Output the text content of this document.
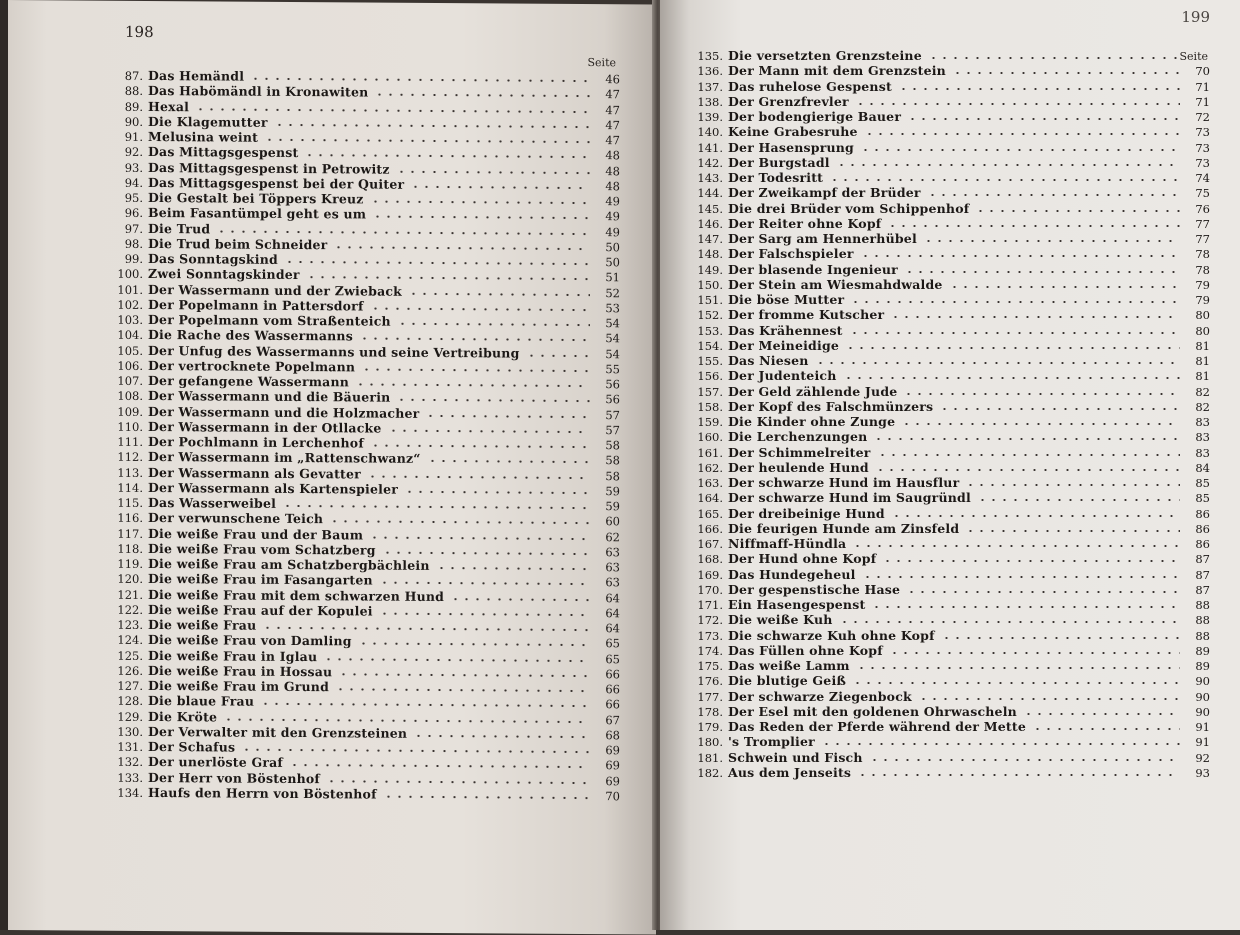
198
Seite
87. Das Hemändl	46
88. Das Habömändl in Kronawiten	47
89. Hexal	47
90. Die Klagemutter	47
91. Melusina weint	47
92. Das Mittagsgespenst	48
93. Das Mittagsgespenst in Petrowitz	48
94. Das Mittagsgespenst bei der Quiter	48
95. Die Gestalt bei Töppers Kreuz	49
96. Beim Fasantümpel geht es um	49
97. Die Trud	49
98. Die Trud beim Schneider	50
99. Das Sonntagskind	50
100. Zwei Sonntagskinder	51
101. Der Wassermann und der Zwieback	52
102. Der Popelmann in Pattersdorf	53
103. Der Popelmann vom Straßenteich	54
104. Die Rache des Wassermanns	54
105. Der Unfug des Wassermanns und seine Vertreibung	54
106. Der vertrocknete Popelmann	55
107. Der gefangene Wassermann	56
108. Der Wassermann und die Bäuerin	56
109. Der Wassermann und die Holzmacher	57
110. Der Wassermann in der Otllacke	57
111. Der Pochlmann in Lerchenhof	58
112. Der Wassermann im „Rattenschwanz“	58
113. Der Wassermann als Gevatter	58
114. Der Wassermann als Kartenspieler	59
115. Das Wasserweibel	59
116. Der verwunschene Teich	60
117. Die weiße Frau und der Baum	62
118. Die weiße Frau vom Schatzberg	63
119. Die weiße Frau am Schatzbergbächlein	63
120. Die weiße Frau im Fasangarten	63
121. Die weiße Frau mit dem schwarzen Hund	64
122. Die weiße Frau auf der Kopulei	64
123. Die weiße Frau	64
124. Die weiße Frau von Damling	65
125. Die weiße Frau in Iglau	65
126. Die weiße Frau in Hossau	66
127. Die weiße Frau im Grund	66
128. Die blaue Frau	66
129. Die Kröte	67
130. Der Verwalter mit den Grenzsteinen	68
131. Der Schafus	69
132. Der unerlöste Graf	69
133. Der Herr von Böstenhof	69
134. Haufs den Herrn von Böstenhof	70
199
Seite
135. Die versetzten Grenzsteine
136. Der Mann mit dem Grenzstein	70
137. Das ruhelose Gespenst	71
138. Der Grenzfrevler	71
139. Der bodengierige Bauer	72
140. Keine Grabesruhe	73
141. Der Hasensprung	73
142. Der Burgstadl	73
143. Der Todesritt	74
144. Der Zweikampf der Brüder	75
145. Die drei Brüder vom Schippenhof	76
146. Der Reiter ohne Kopf	77
147. Der Sarg am Hennerhübel	77
148. Der Falschspieler	78
149. Der blasende Ingenieur	78
150. Der Stein am Wiesmahdwalde	79
151. Die böse Mutter	79
152. Der fromme Kutscher	80
153. Das Krähennest	80
154. Der Meineidige	81
155. Das Niesen	81
156. Der Judenteich	81
157. Der Geld zählende Jude	82
158. Der Kopf des Falschmünzers	82
159. Die Kinder ohne Zunge	83
160. Die Lerchenzungen	83
161. Der Schimmelreiter	83
162. Der heulende Hund	84
163. Der schwarze Hund im Hausflur	85
164. Der schwarze Hund im Saugründl	85
165. Der dreibeinige Hund	86
166. Die feurigen Hunde am Zinsfeld	86
167. Niffmaff-Hündla	86
168. Der Hund ohne Kopf	87
169. Das Hundegeheul	87
170. Der gespenstische Hase	87
171. Ein Hasengespenst	88
172. Die weiße Kuh	88
173. Die schwarze Kuh ohne Kopf	88
174. Das Füllen ohne Kopf	89
175. Das weiße Lamm	89
176. Die blutige Geiß	90
177. Der schwarze Ziegenbock	90
178. Der Esel mit den goldenen Ohrwascheln	90
179. Das Reden der Pferde während der Mette	91
180. 's Tromplier	91
181. Schwein und Fisch	92
182. Aus dem Jenseits	93
